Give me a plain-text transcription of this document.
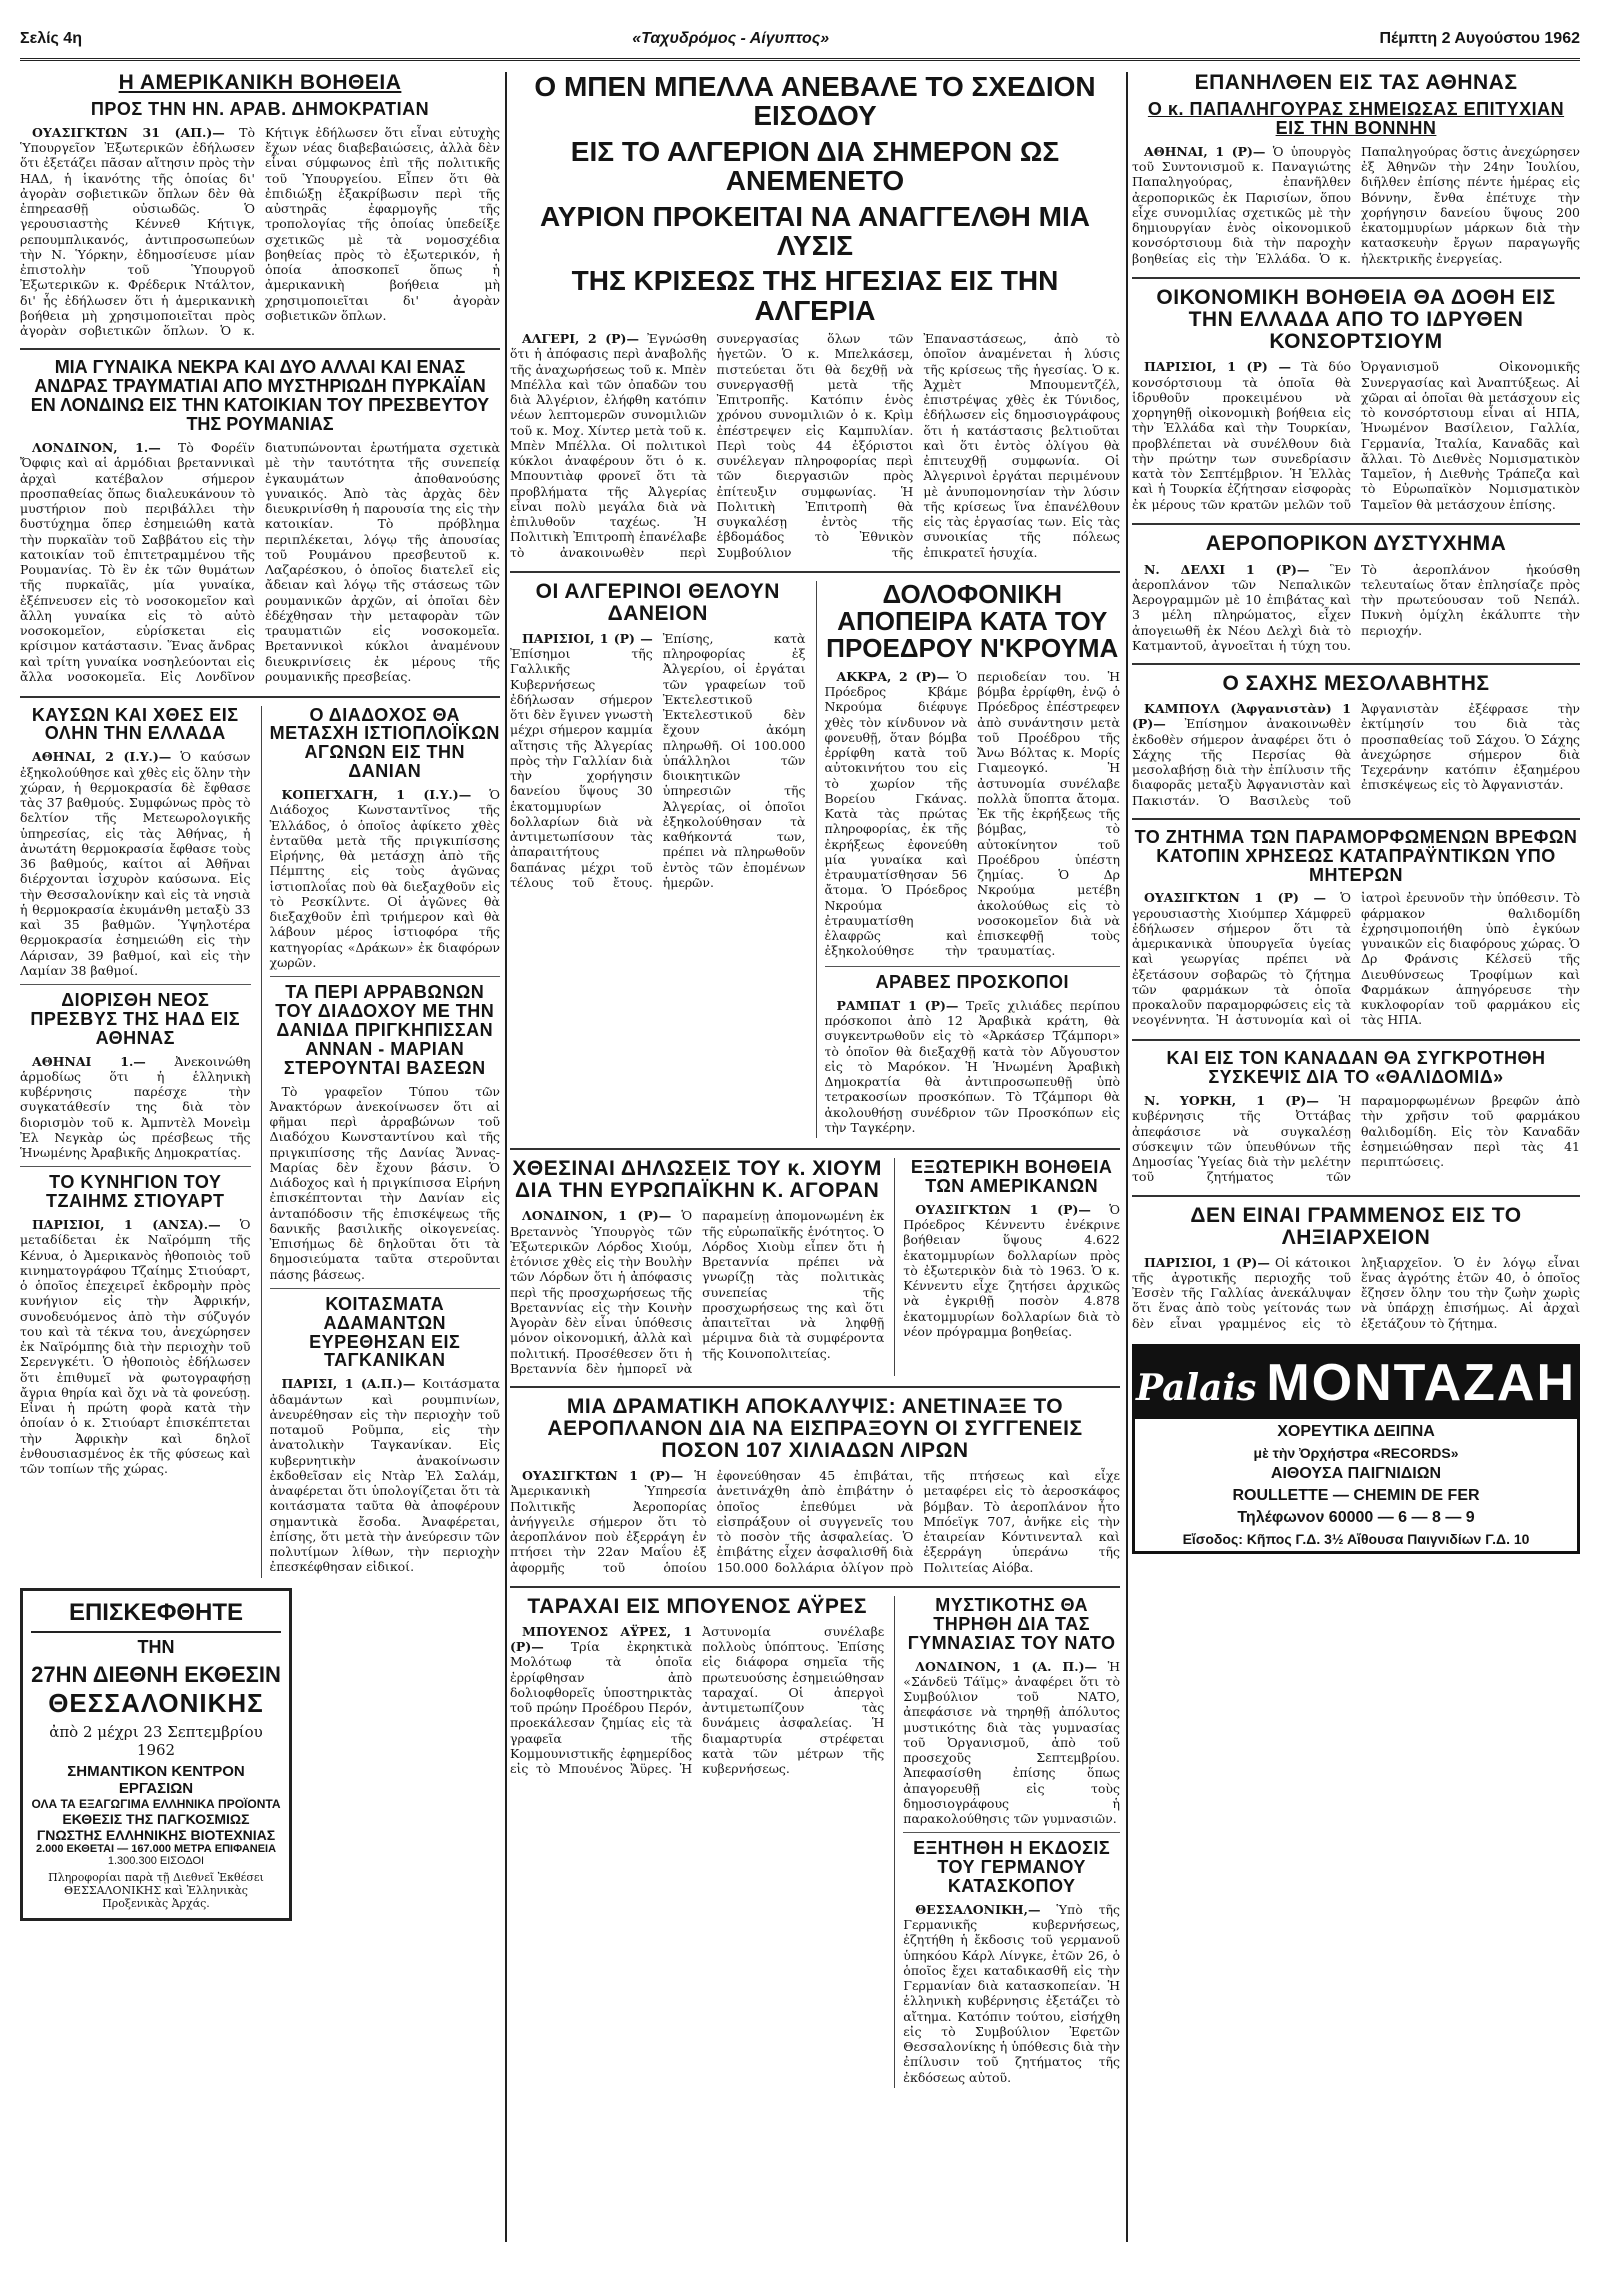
Σελίς 4η	«Ταχυδρόμος - Αίγυπτος»	Πέμπτη 2 Αυγούστου 1962
Η ΑΜΕΡΙΚΑΝΙΚΗ ΒΟΗΘΕΙΑ
ΠΡΟΣ ΤΗΝ ΗΝ. ΑΡΑΒ. ΔΗΜΟΚΡΑΤΙΑΝ

ΟΥΑΣΙΓΚΤΩΝ 31 (ΑΠ.)— Τὸ Ὑπουργεῖον Ἐξωτερικῶν ἐδήλωσεν ὅτι ἐξετάζει πᾶσαν αἴτησιν πρὸς τὴν ΗΑΔ, ἡ ἱκανότης τῆς ὁποίας δι' ἀγορὰν σοβιετικῶν ὅπλων δὲν θὰ ἐπηρεασθῇ οὐσιωδῶς. Ὁ γερουσιαστὴς Κέννεθ Κήτιγκ, ρεπουμπλικανός, ἀντιπροσωπεύων τὴν Ν. Ὑόρκην, ἐδημοσίευσε μίαν ἐπιστολὴν τοῦ Ὑπουργοῦ Ἐξωτερικῶν κ. Φρέδερικ Ντάλτον, δι' ἧς ἐδήλωσεν ὅτι ἡ ἀμερικανικὴ βοήθεια μὴ χρησιμοποιεῖται πρὸς ἀγορὰν σοβιετικῶν ὅπλων. Ὁ κ. Κήτιγκ ἐδήλωσεν ὅτι εἶναι εὐτυχὴς ἔχων νέας διαβεβαιώσεις, ἀλλὰ δὲν εἶναι σύμφωνος ἐπὶ τῆς πολιτικῆς τοῦ Ὑπουργείου. Εἶπεν ὅτι θὰ ἐπιδιώξῃ ἐξακρίβωσιν περὶ τῆς αὐστηρᾶς ἐφαρμογῆς τῆς τροπολογίας τῆς ὁποίας ὑπεδείξε σχετικῶς μὲ τὰ νομοσχέδια βοηθείας πρὸς τὸ ἐξωτερικόν, ἡ ὁποία ἀποσκοπεῖ ὅπως ἡ ἀμερικανικὴ βοήθεια μὴ χρησιμοποιεῖται δι' ἀγορὰν σοβιετικῶν ὅπλων.

ΜΙΑ ΓΥΝΑΙΚΑ ΝΕΚΡΑ ΚΑΙ ΔΥΟ ΑΛΛΑΙ ΚΑΙ ΕΝΑΣ ΑΝΔΡΑΣ ΤΡΑΥΜΑΤΙΑΙ ΑΠΟ ΜΥΣΤΗΡΙΩΔΗ ΠΥΡΚΑΪΑΝ ΕΝ ΛΟΝΔΙΝΩ ΕΙΣ ΤΗΝ ΚΑΤΟΙΚΙΑΝ ΤΟΥ ΠΡΕΣΒΕΥΤΟΥ ΤΗΣ ΡΟΥΜΑΝΙΑΣ

ΛΟΝΔΙΝΟΝ, 1.— Τὸ Φορέϊν Ὄφφις καὶ αἱ ἁρμόδιαι βρεταννικαὶ ἀρχαὶ κατέβαλον σήμερον προσπαθείας ὅπως διαλευκάνουν τὸ μυστήριον ποὺ περιβάλλει τὴν δυστύχημα ὅπερ ἐσημειώθη κατὰ τὴν πυρκαϊὰν τοῦ Σαββάτου εἰς τὴν κατοικίαν τοῦ ἐπιτετραμμένου τῆς Ρουμανίας. Τὸ ἓν ἐκ τῶν θυμάτων τῆς πυρκαϊᾶς, μία γυναίκα, ἐξέπνευσεν εἰς τὸ νοσοκομεῖον καὶ ἄλλη γυναίκα εἰς τὸ αὐτὸ νοσοκομεῖον, εὑρίσκεται εἰς κρίσιμον κατάστασιν. Ἕνας ἄνδρας καὶ τρίτη γυναίκα νοσηλεύονται εἰς ἄλλα νοσοκομεῖα. Εἰς Λονδῖνον διατυπώνονται ἐρωτήματα σχετικὰ μὲ τὴν ταυτότητα τῆς συνεπείᾳ ἐγκαυμάτων ἀποθανούσης γυναικός. Ἀπὸ τὰς ἀρχὰς δὲν διευκρινίσθη ἡ παρουσία της εἰς τὴν κατοικίαν. Τὸ πρόβλημα περιπλέκεται, λόγῳ τῆς ἀπουσίας τοῦ Ρουμάνου πρεσβευτοῦ κ. Λαζαρέσκου, ὁ ὁποῖος διατελεῖ εἰς ἄδειαν καὶ λόγῳ τῆς στάσεως τῶν ρουμανικῶν ἀρχῶν, αἱ ὁποῖαι δὲν ἐδέχθησαν τὴν μεταφορὰν τῶν τραυματιῶν εἰς νοσοκομεῖα. Βρεταννικοὶ κύκλοι ἀναμένουν διευκρινίσεις ἐκ μέρους τῆς ρουμανικῆς πρεσβείας.

ΚΑΥΣΩΝ ΚΑΙ ΧΘΕΣ ΕΙΣ ΟΛΗΝ ΤΗΝ ΕΛΛΑΔΑ

ΑΘΗΝΑΙ, 2 (Ι.Υ.)— Ὁ καύσων ἐξηκολούθησε καὶ χθὲς εἰς ὅλην τὴν χώραν, ἡ θερμοκρασία δὲ ἔφθασε τὰς 37 βαθμούς. Συμφώνως πρὸς τὸ δελτίον τῆς Μετεωρολογικῆς ὑπηρεσίας, εἰς τὰς Ἀθήνας, ἡ ἀνωτάτη θερμοκρασία ἔφθασε τοὺς 36 βαθμούς, καίτοι αἱ Ἀθῆναι διέρχονται ἰσχυρὸν καύσωνα. Εἰς τὴν Θεσσαλονίκην καὶ εἰς τὰ νησιὰ ἡ θερμοκρασία ἐκυμάνθη μεταξὺ 33 καὶ 35 βαθμῶν. Ὑψηλοτέρα θερμοκρασία ἐσημειώθη εἰς τὴν Λάρισαν, 39 βαθμοί, καὶ εἰς τὴν Λαμίαν 38 βαθμοί.

ΔΙΟΡΙΣΘΗ ΝΕΟΣ ΠΡΕΣΒΥΣ ΤΗΣ ΗΑΔ ΕΙΣ ΑΘΗΝΑΣ

ΑΘΗΝΑΙ 1.— Ἀνεκοινώθη ἁρμοδίως ὅτι ἡ ἑλληνικὴ κυβέρνησις παρέσχε τὴν συγκατάθεσίν της διὰ τὸν διορισμὸν τοῦ κ. Ἀμπντὲλ Μονεὶμ Ἐλ Νεγκὰρ ὡς πρέσβεως τῆς Ἡνωμένης Ἀραβικῆς Δημοκρατίας.

ΤΟ ΚΥΝΗΓΙΟΝ ΤΟΥ ΤΖΑΙΗΜΣ ΣΤΙΟΥΑΡΤ

ΠΑΡΙΣΙΟΙ, 1 (ΑΝΣΑ).— Ὁ μεταδίδεται ἐκ Ναϊρόμπη τῆς Κένυα, ὁ Ἀμερικανὸς ἠθοποιὸς τοῦ κινηματογράφου Τζαίημς Στιούαρτ, ὁ ὁποῖος ἐπεχειρεῖ ἐκδρομὴν πρὸς κυνήγιον εἰς τὴν Ἀφρικήν, συνοδευόμενος ἀπὸ τὴν σύζυγόν του καὶ τὰ τέκνα του, ἀνεχώρησεν ἐκ Ναϊρόμπης διὰ τὴν περιοχὴν τοῦ Σερενγκέτι. Ὁ ἠθοποιὸς ἐδήλωσεν ὅτι ἐπιθυμεῖ νὰ φωτογραφήσῃ ἄγρια θηρία καὶ ὄχι νὰ τὰ φονεύσῃ. Εἶναι ἡ πρώτη φορὰ κατὰ τὴν ὁποίαν ὁ κ. Στιούαρτ ἐπισκέπτεται τὴν Ἀφρικὴν καὶ δηλοῖ ἐνθουσιασμένος ἐκ τῆς φύσεως καὶ τῶν τοπίων τῆς χώρας.

Ο ΔΙΑΔΟΧΟΣ ΘΑ ΜΕΤΑΣΧΗ ΙΣΤΙΟΠΛΟΪΚΩΝ ΑΓΩΝΩΝ ΕΙΣ ΤΗΝ ΔΑΝΙΑΝ

ΚΟΠΕΓΧΑΓΗ, 1 (Ι.Υ.)— Ὁ Διάδοχος Κωνσταντῖνος τῆς Ἑλλάδος, ὁ ὁποῖος ἀφίκετο χθὲς ἐνταῦθα μετὰ τῆς πριγκιπίσσης Εἰρήνης, θὰ μετάσχῃ ἀπὸ τῆς Πέμπτης εἰς τοὺς ἀγῶνας ἱστιοπλοΐας ποὺ θὰ διεξαχθοῦν εἰς τὸ Ρεσκίλντε. Οἱ ἀγῶνες θὰ διεξαχθοῦν ἐπὶ τριήμερον καὶ θὰ λάβουν μέρος ἱστιοφόρα τῆς κατηγορίας «Δράκων» ἐκ διαφόρων χωρῶν.

ΤΑ ΠΕΡΙ ΑΡΡΑΒΩΝΩΝ ΤΟΥ ΔΙΑΔΟΧΟΥ ΜΕ ΤΗΝ ΔΑΝΙΔΑ ΠΡΙΓΚΗΠΙΣΣΑΝ ΑΝΝΑΝ - ΜΑΡΙΑΝ ΣΤΕΡΟΥΝΤΑΙ ΒΑΣΕΩΝ

Τὸ γραφεῖον Τύπου τῶν Ἀνακτόρων ἀνεκοίνωσεν ὅτι αἱ φῆμαι περὶ ἀρραβώνων τοῦ Διαδόχου Κωνσταντίνου καὶ τῆς πριγκιπίσσης τῆς Δανίας Ἄννας-Μαρίας δὲν ἔχουν βάσιν. Ὁ Διάδοχος καὶ ἡ πριγκίπισσα Εἰρήνη ἐπισκέπτονται τὴν Δανίαν εἰς ἀνταπόδοσιν τῆς ἐπισκέψεως τῆς δανικῆς βασιλικῆς οἰκογενείας. Ἐπισήμως δὲ δηλοῦται ὅτι τὰ δημοσιεύματα ταῦτα στεροῦνται πάσης βάσεως.

ΚΟΙΤΑΣΜΑΤΑ ΑΔΑΜΑΝΤΩΝ ΕΥΡΕΘΗΣΑΝ ΕΙΣ ΤΑΓΚΑΝΙΚΑΝ

ΠΑΡΙΣΙ, 1 (Α.Π.)— Κοιτάσματα ἀδαμάντων καὶ ρουμπινίων, ἀνευρέθησαν εἰς τὴν περιοχὴν τοῦ ποταμοῦ Ροῦμπα, εἰς τὴν ἀνατολικὴν Ταγκανίκαν. Εἰς κυβερνητικὴν ἀνακοίνωσιν ἐκδοθεῖσαν εἰς Ντὰρ Ἐλ Σαλάμ, ἀναφέρεται ὅτι ὑπολογίζεται ὅτι τὰ κοιτάσματα ταῦτα θὰ ἀποφέρουν σημαντικὰ ἔσοδα. Ἀναφέρεται, ἐπίσης, ὅτι μετὰ τὴν ἀνεύρεσιν τῶν πολυτίμων λίθων, τὴν περιοχὴν ἐπεσκέφθησαν εἰδικοί.

ΕΠΙΣΚΕΦΘΗΤΕ
ΤΗΝ
27ΗΝ ΔΙΕΘΝΗ ΕΚΘΕΣΙΝ
ΘΕΣΣΑΛΟΝΙΚΗΣ
ἀπὸ 2 μέχρι 23 Σεπτεμβρίου 1962
ΣΗΜΑΝΤΙΚΟΝ ΚΕΝΤΡΟΝ ΕΡΓΑΣΙΩΝ
ΟΛΑ ΤΑ ΕΞΑΓΩΓΙΜΑ ΕΛΛΗΝΙΚΑ ΠΡΟΪΟΝΤΑ
ΕΚΘΕΣΙΣ ΤΗΣ ΠΑΓΚΟΣΜΙΩΣ ΓΝΩΣΤΗΣ ΕΛΛΗΝΙΚΗΣ ΒΙΟΤΕΧΝΙΑΣ
2.000 ΕΚΘΕΤΑΙ — 167.000 ΜΕΤΡΑ ΕΠΙΦΑΝΕΙΑ
1.300.300 ΕΙΣΟΔΟΙ
Πληροφορίαι παρὰ τῇ Διεθνεῖ Ἐκθέσει ΘΕΣΣΑΛΟΝΙΚΗΣ καὶ Ἑλληνικὰς Προξενικὰς Ἀρχάς.
Ο ΜΠΕΝ ΜΠΕΛΛΑ ΑΝΕΒΑΛΕ ΤΟ ΣΧΕΔΙΟΝ ΕΙΣΟΔΟΥ
ΕΙΣ ΤΟ ΑΛΓΕΡΙΟΝ ΔΙΑ ΣΗΜΕΡΟΝ ΩΣ ΑΝΕΜΕΝΕΤΟ
ΑΥΡΙΟΝ ΠΡΟΚΕΙΤΑΙ ΝΑ ΑΝΑΓΓΕΛΘΗ ΜΙΑ ΛΥΣΙΣ
ΤΗΣ ΚΡΙΣΕΩΣ ΤΗΣ ΗΓΕΣΙΑΣ ΕΙΣ ΤΗΝ ΑΛΓΕΡΙΑ

ΑΛΓΕΡΙ, 2 (Ρ)— Ἐγνώσθη ὅτι ἡ ἀπόφασις περὶ ἀναβολῆς τῆς ἀναχωρήσεως τοῦ κ. Μπὲν Μπέλλα καὶ τῶν ὀπαδῶν του διὰ Ἀλγέριον, ἐλήφθη κατόπιν νέων λεπτομερῶν συνομιλιῶν τοῦ κ. Μοχ. Χίντερ μετὰ τοῦ κ. Μπὲν Μπέλλα. Οἱ πολιτικοὶ κύκλοι ἀναφέρουν ὅτι ὁ κ. Μπουντιὰφ φρονεῖ ὅτι τὰ προβλήματα τῆς Ἀλγερίας εἶναι πολὺ μεγάλα διὰ νὰ ἐπιλυθοῦν ταχέως. Ἡ Πολιτικὴ Ἐπιτροπὴ ἐπανέλαβε τὸ ἀνακοινωθὲν περὶ συνεργασίας ὅλων τῶν ἡγετῶν. Ὁ κ. Μπελκάσεμ, πιστεύεται ὅτι θὰ δεχθῇ νὰ συνεργασθῇ μετὰ τῆς Ἐπιτροπῆς. Κατόπιν ἑνὸς χρόνου συνομιλιῶν ὁ κ. Κρὶμ ἐπέστρεψεν εἰς Καμπυλίαν. Περὶ τοὺς 44 ἐξόριστοι συνέλεγαν πληροφορίας περὶ τῶν διεργασιῶν πρὸς ἐπίτευξιν συμφωνίας. Ἡ Πολιτικὴ Ἐπιτροπὴ θὰ συγκαλέσῃ ἐντὸς τῆς ἑβδομάδος τὸ Ἐθνικὸν Συμβούλιον τῆς Ἐπαναστάσεως, ἀπὸ τὸ ὁποῖον ἀναμένεται ἡ λύσις τῆς κρίσεως τῆς ἡγεσίας. Ὁ κ. Ἀχμὲτ Μπουμεντζέλ, ἐπιστρέψας χθὲς ἐκ Τύνιδος, ἐδήλωσεν εἰς δημοσιογράφους ὅτι ἡ κατάστασις βελτιοῦται καὶ ὅτι ἐντὸς ὀλίγου θὰ ἐπιτευχθῇ συμφωνία. Οἱ Ἀλγερινοὶ ἐργάται περιμένουν μὲ ἀνυπομονησίαν τὴν λύσιν τῆς κρίσεως ἵνα ἐπανέλθουν εἰς τὰς ἐργασίας των. Εἰς τὰς συνοικίας τῆς πόλεως ἐπικρατεῖ ἡσυχία.

ΟΙ ΑΛΓΕΡΙΝΟΙ ΘΕΛΟΥΝ ΔΑΝΕΙΟΝ

ΠΑΡΙΣΙΟΙ, 1 (Ρ) — Ἐπίσημοι τῆς Γαλλικῆς Κυβερνήσεως ἐδήλωσαν σήμερον ὅτι δὲν ἔγινεν γνωστὴ μέχρι σήμερον καμμία αἴτησις τῆς Ἀλγερίας πρὸς τὴν Γαλλίαν διὰ τὴν χορήγησιν δανείου ὕψους 30 ἑκατομμυρίων δολλαρίων διὰ νὰ ἀντιμετωπίσουν τὰς ἀπαραιτήτους δαπάνας μέχρι τοῦ τέλους τοῦ ἔτους. Ἐπίσης, κατὰ πληροφορίας ἐξ Ἀλγερίου, οἱ ἐργάται τῶν γραφείων τοῦ Ἐκτελεστικοῦ Ἐκτελεστικοῦ δὲν ἔχουν ἀκόμη πληρωθῆ. Οἱ 100.000 ὑπάλληλοι τῶν διοικητικῶν ὑπηρεσιῶν τῆς Ἀλγερίας, οἱ ὁποῖοι ἐξηκολούθησαν τὰ καθήκοντά των, πρέπει νὰ πληρωθοῦν ἐντὸς τῶν ἐπομένων ἡμερῶν.

ΔΟΛΟΦΟΝΙΚΗ ΑΠΟΠΕΙΡΑ ΚΑΤΑ ΤΟΥ ΠΡΟΕΔΡΟΥ Ν'ΚΡΟΥΜΑ

ΑΚΚΡΑ, 2 (Ρ)— Ὁ Πρόεδρος Κβάμε Νκρούμα διέφυγε χθὲς τὸν κίνδυνον νὰ φονευθῇ, ὅταν βόμβα ἐρρίφθη κατὰ τοῦ αὐτοκινήτου του εἰς τὸ χωρίον τῆς Βορείου Γκάνας. Κατὰ τὰς πρώτας πληροφορίας, ἐκ τῆς ἐκρήξεως ἐφονεύθη μία γυναίκα καὶ ἐτραυματίσθησαν 56 ἄτομα. Ὁ Πρόεδρος Νκρούμα ἐτραυματίσθη ἐλαφρῶς καὶ ἐξηκολούθησε τὴν περιοδείαν του. Ἡ βόμβα ἐρρίφθη, ἐνῷ ὁ Πρόεδρος ἐπέστρεφεν ἀπὸ συνάντησιν μετὰ τοῦ Προέδρου τῆς Ἄνω Βόλτας κ. Μορίς Γιαμεογκό. Ἡ ἀστυνομία συνέλαβε πολλὰ ὕποπτα ἄτομα. Ἐκ τῆς ἐκρήξεως τῆς βόμβας, τὸ αὐτοκίνητον τοῦ Προέδρου ὑπέστη ζημίας. Ὁ Δρ Νκρούμα μετέβη ἀκολούθως εἰς τὸ νοσοκομεῖον διὰ νὰ ἐπισκεφθῇ τοὺς τραυματίας.

ΑΡΑΒΕΣ ΠΡΟΣΚΟΠΟΙ

ΡΑΜΠΑΤ 1 (Ρ)— Τρεῖς χιλιάδες περίπου πρόσκοποι ἀπὸ 12 Ἀραβικὰ κράτη, θὰ συγκεντρωθοῦν εἰς τὸ «Ἀρκάσερ Τζάμπορι» τὸ ὁποῖον θὰ διεξαχθῇ κατὰ τὸν Αὔγουστον εἰς τὸ Μαρόκον. Ἡ Ἡνωμένη Ἀραβικὴ Δημοκρατία θὰ ἀντιπροσωπευθῇ ὑπὸ τετρακοσίων προσκόπων. Τὸ Τζάμπορι θὰ ἀκολουθήσῃ συνέδριον τῶν Προσκόπων εἰς τὴν Ταγκέρην.

ΧΘΕΣΙΝΑΙ ΔΗΛΩΣΕΙΣ ΤΟΥ κ. ΧΙΟΥΜ ΔΙΑ ΤΗΝ ΕΥΡΩΠΑΪΚΗΝ Κ. ΑΓΟΡΑΝ

ΛΟΝΔΙΝΟΝ, 1 (Ρ)— Ὁ Βρεταννὸς Ὑπουργὸς τῶν Ἐξωτερικῶν Λόρδος Χιούμ, ἐτόνισε χθὲς εἰς τὴν Βουλὴν τῶν Λόρδων ὅτι ἡ ἀπόφασις περὶ τῆς προσχωρήσεως τῆς Βρεταννίας εἰς τὴν Κοινὴν Ἀγορὰν δὲν εἶναι ὑπόθεσις μόνον οἰκονομική, ἀλλὰ καὶ πολιτική. Προσέθεσεν ὅτι ἡ Βρεταννία δὲν ἠμπορεῖ νὰ παραμείνῃ ἀπομονωμένη ἐκ τῆς εὐρωπαϊκῆς ἑνότητος. Ὁ Λόρδος Χιοὺμ εἶπεν ὅτι ἡ Βρεταννία πρέπει νὰ γνωρίζῃ τὰς πολιτικὰς συνεπείας τῆς προσχωρήσεως της καὶ ὅτι ἀπαιτεῖται νὰ ληφθῇ μέριμνα διὰ τὰ συμφέροντα τῆς Κοινοπολιτείας.

ΕΞΩΤΕΡΙΚΗ ΒΟΗΘΕΙΑ ΤΩΝ ΑΜΕΡΙΚΑΝΩΝ

ΟΥΑΣΙΓΚΤΩΝ 1 (Ρ)— Ὁ Πρόεδρος Κέννεντυ ἐνέκρινε βοήθειαν ὕψους 4.622 ἑκατομμυρίων δολλαρίων πρὸς τὸ ἐξωτερικὸν διὰ τὸ 1963. Ὁ κ. Κέννεντυ εἶχε ζητήσει ἀρχικῶς νὰ ἐγκριθῇ ποσὸν 4.878 ἑκατομμυρίων δολλαρίων διὰ τὸ νέον πρόγραμμα βοηθείας.

ΜΙΑ ΔΡΑΜΑΤΙΚΗ ΑΠΟΚΑΛΥΨΙΣ: ΑΝΕΤΙΝΑΞΕ ΤΟ ΑΕΡΟΠΛΑΝΟΝ ΔΙΑ ΝΑ ΕΙΣΠΡΑΞΟΥΝ ΟΙ ΣΥΓΓΕΝΕΙΣ ΠΟΣΟΝ 107 ΧΙΛΙΑΔΩΝ ΛΙΡΩΝ

ΟΥΑΣΙΓΚΤΩΝ 1 (Ρ)— Ἡ Ἀμερικανικὴ Ὑπηρεσία Πολιτικῆς Ἀεροπορίας ἀνήγγειλε σήμερον ὅτι τὸ ἀεροπλάνον ποὺ ἐξερράγη ἐν πτήσει τὴν 22αν Μαΐου ἐξ ἀφορμῆς τοῦ ὁποίου ἐφονεύθησαν 45 ἐπιβάται, ἀνετινάχθη ἀπὸ ἐπιβάτην ὁ ὁποῖος ἐπεθύμει νὰ εἰσπράξουν οἱ συγγενεῖς του τὸ ποσὸν τῆς ἀσφαλείας. Ὁ ἐπιβάτης εἶχεν ἀσφαλισθῆ διὰ 150.000 δολλάρια ὀλίγον πρὸ τῆς πτήσεως καὶ εἶχε μεταφέρει εἰς τὸ ἀεροσκάφος βόμβαν. Τὸ ἀεροπλάνον ἦτο Μπόεϊγκ 707, ἀνῆκε εἰς τὴν ἑταιρείαν Κόντινενταλ καὶ ἐξερράγη ὑπεράνω τῆς Πολιτείας Αἰόβα.

ΤΑΡΑΧΑΙ ΕΙΣ ΜΠΟΥΕΝΟΣ ΑΫΡΕΣ

ΜΠΟΥΕΝΟΣ ΑΫΡΕΣ, 1 (Ρ)— Τρία ἐκρηκτικὰ Μολότωφ τὰ ὁποῖα ἐρρίφθησαν ἀπὸ δολιοφθορεῖς ὑποστηρικτὰς τοῦ πρώην Προέδρου Περόν, προεκάλεσαν ζημίας εἰς τὰ γραφεῖα τῆς Κομμουνιστικῆς ἐφημερίδος εἰς τὸ Μπουένος Ἄϋρες. Ἡ Ἀστυνομία συνέλαβε πολλοὺς ὑπόπτους. Ἐπίσης εἰς διάφορα σημεῖα τῆς πρωτευούσης ἐσημειώθησαν ταραχαί. Οἱ ἀπεργοὶ ἀντιμετωπίζουν τὰς δυνάμεις ἀσφαλείας. Ἡ διαμαρτυρία στρέφεται κατὰ τῶν μέτρων τῆς κυβερνήσεως.

ΜΥΣΤΙΚΟΤΗΣ ΘΑ ΤΗΡΗΘΗ ΔΙΑ ΤΑΣ ΓΥΜΝΑΣΙΑΣ ΤΟΥ ΝΑΤΟ

ΛΟΝΔΙΝΟΝ, 1 (Α. Π.)— Ἡ «Σάνδεϋ Τάϊμς» ἀναφέρει ὅτι τὸ Συμβούλιον τοῦ ΝΑΤΟ, ἀπεφάσισε νὰ τηρηθῇ ἀπόλυτος μυστικότης διὰ τὰς γυμνασίας τοῦ Ὀργανισμοῦ, ἀπὸ τοῦ προσεχοῦς Σεπτεμβρίου. Ἀπεφασίσθη ἐπίσης ὅπως ἀπαγορευθῇ εἰς τοὺς δημοσιογράφους ἡ παρακολούθησις τῶν γυμνασιῶν.

ΕΞΗΤΗΘΗ Η ΕΚΔΟΣΙΣ ΤΟΥ ΓΕΡΜΑΝΟΥ ΚΑΤΑΣΚΟΠΟΥ

ΘΕΣΣΑΛΟΝΙΚΗ,— Ὑπὸ τῆς Γερμανικῆς κυβερνήσεως, ἐζητήθη ἡ ἔκδοσις τοῦ γερμανοῦ ὑπηκόου Κάρλ Λίνγκε, ἐτῶν 26, ὁ ὁποῖος ἔχει καταδικασθῆ εἰς τὴν Γερμανίαν διὰ κατασκοπείαν. Ἡ ἑλληνικὴ κυβέρνησις ἐξετάζει τὸ αἴτημα. Κατόπιν τούτου, εἰσήχθη εἰς τὸ Συμβούλιον Ἐφετῶν Θεσσαλονίκης ἡ ὑπόθεσις διὰ τὴν ἐπίλυσιν τοῦ ζητήματος τῆς ἐκδόσεως αὐτοῦ.

ΕΠΑΝΗΛΘΕΝ ΕΙΣ ΤΑΣ ΑΘΗΝΑΣ
Ο κ. ΠΑΠΑΛΗΓΟΥΡΑΣ ΣΗΜΕΙΩΣΑΣ ΕΠΙΤΥΧΙΑΝ ΕΙΣ ΤΗΝ ΒΟΝΝΗΝ

ΑΘΗΝΑΙ, 1 (Ρ)— Ὁ ὑπουργὸς τοῦ Συντονισμοῦ κ. Παναγιώτης Παπαληγούρας, ἐπανῆλθεν ἀεροπορικῶς ἐκ Παρισίων, ὅπου εἶχε συνομιλίας σχετικῶς μὲ τὴν δημιουργίαν ἑνὸς οἰκονομικοῦ κονσόρτσιουμ διὰ τὴν παροχὴν βοηθείας εἰς τὴν Ἑλλάδα. Ὁ κ. Παπαληγούρας ὅστις ἀνεχώρησεν ἐξ Ἀθηνῶν τὴν 24ην Ἰουλίου, διῆλθεν ἐπίσης πέντε ἡμέρας εἰς Βόννην, ἔνθα ἐπέτυχε τὴν χορήγησιν δανείου ὕψους 200 ἑκατομμυρίων μάρκων διὰ τὴν κατασκευὴν ἔργων παραγωγῆς ἠλεκτρικῆς ἐνεργείας.

ΟΙΚΟΝΟΜΙΚΗ ΒΟΗΘΕΙΑ ΘΑ ΔΟΘΗ ΕΙΣ ΤΗΝ ΕΛΛΑΔΑ ΑΠΟ ΤΟ ΙΔΡΥΘΕΝ ΚΟΝΣΟΡΤΣΙΟΥΜ

ΠΑΡΙΣΙΟΙ, 1 (Ρ) — Τὰ δύο κονσόρτσιουμ τὰ ὁποῖα θὰ ἱδρυθοῦν προκειμένου νὰ χορηγηθῇ οἰκονομικὴ βοήθεια εἰς τὴν Ἑλλάδα καὶ τὴν Τουρκίαν, προβλέπεται νὰ συνέλθουν διὰ τὴν πρώτην των συνεδρίασιν κατὰ τὸν Σεπτέμβριον. Ἡ Ἑλλὰς καὶ ἡ Τουρκία ἐζήτησαν εἰσφορὰς ἐκ μέρους τῶν κρατῶν μελῶν τοῦ Ὀργανισμοῦ Οἰκονομικῆς Συνεργασίας καὶ Ἀναπτύξεως. Αἱ χῶραι αἱ ὁποῖαι θὰ μετάσχουν εἰς τὸ κονσόρτσιουμ εἶναι αἱ ΗΠΑ, Ἡνωμένον Βασίλειον, Γαλλία, Γερμανία, Ἰταλία, Καναδᾶς καὶ ἄλλαι. Τὸ Διεθνὲς Νομισματικὸν Ταμεῖον, ἡ Διεθνὴς Τράπεζα καὶ τὸ Εὐρωπαϊκὸν Νομισματικὸν Ταμεῖον θὰ μετάσχουν ἐπίσης.

ΑΕΡΟΠΟΡΙΚΟΝ ΔΥΣΤΥΧΗΜΑ

Ν. ΔΕΛΧΙ 1 (Ρ)— Ἓν ἀεροπλάνον τῶν Νεπαλικῶν Ἀερογραμμῶν μὲ 10 ἐπιβάτας καὶ 3 μέλη πληρώματος, εἶχεν ἀπογειωθῆ ἐκ Νέου Δελχὶ διὰ τὸ Κατμαντοῦ, ἀγνοεῖται ἡ τύχη του. Τὸ ἀεροπλάνον ἠκούσθη τελευταίως ὅταν ἐπλησίαζε πρὸς τὴν πρωτεύουσαν τοῦ Νεπάλ. Πυκνὴ ὁμίχλη ἐκάλυπτε τὴν περιοχήν.

Ο ΣΑΧΗΣ ΜΕΣΟΛΑΒΗΤΗΣ

ΚΑΜΠΟΥΛ (Ἀφγανιστὰν) 1 (Ρ)— Ἐπίσημον ἀνακοινωθὲν ἐκδοθὲν σήμερον ἀναφέρει ὅτι ὁ Σάχης τῆς Περσίας θὰ μεσολαβήσῃ διὰ τὴν ἐπίλυσιν τῆς διαφορᾶς μεταξὺ Ἀφγανιστὰν καὶ Πακιστάν. Ὁ Βασιλεὺς τοῦ Ἀφγανιστὰν ἐξέφρασε τὴν ἐκτίμησίν του διὰ τὰς προσπαθείας τοῦ Σάχου. Ὁ Σάχης ἀνεχώρησε σήμερον διὰ Τεχεράνην κατόπιν ἐξαημέρου ἐπισκέψεως εἰς τὸ Ἀφγανιστάν.

ΤΟ ΖΗΤΗΜΑ ΤΩΝ ΠΑΡΑΜΟΡΦΩΜΕΝΩΝ ΒΡΕΦΩΝ ΚΑΤΟΠΙΝ ΧΡΗΣΕΩΣ ΚΑΤΑΠΡΑΫΝΤΙΚΩΝ ΥΠΟ ΜΗΤΕΡΩΝ

ΟΥΑΣΙΓΚΤΩΝ 1 (Ρ) — Ὁ γερουσιαστὴς Χιούμπερ Χάμφρεϋ ἐδήλωσεν σήμερον ὅτι τὰ ἀμερικανικὰ ὑπουργεῖα ὑγείας καὶ γεωργίας πρέπει νὰ ἐξετάσουν σοβαρῶς τὸ ζήτημα τῶν φαρμάκων τὰ ὁποῖα προκαλοῦν παραμορφώσεις εἰς τὰ νεογέννητα. Ἡ ἀστυνομία καὶ οἱ ἰατροὶ ἐρευνοῦν τὴν ὑπόθεσιν. Τὸ φάρμακον θαλιδομίδη ἐχρησιμοποιήθη ὑπὸ ἐγκύων γυναικῶν εἰς διαφόρους χώρας. Ὁ Δρ Φράνσις Κέλσεϋ τῆς Διευθύνσεως Τροφίμων καὶ Φαρμάκων ἀπηγόρευσε τὴν κυκλοφορίαν τοῦ φαρμάκου εἰς τὰς ΗΠΑ.

ΚΑΙ ΕΙΣ ΤΟΝ ΚΑΝΑΔΑΝ ΘΑ ΣΥΓΚΡΟΤΗΘΗ ΣΥΣΚΕΨΙΣ ΔΙΑ ΤΟ «ΘΑΛΙΔΟΜΙΔ»

Ν. ΥΟΡΚΗ, 1 (Ρ)— Ἡ κυβέρνησις τῆς Ὀττάβας ἀπεφάσισε νὰ συγκαλέσῃ σύσκεψιν τῶν ὑπευθύνων τῆς Δημοσίας Ὑγείας διὰ τὴν μελέτην τοῦ ζητήματος τῶν παραμορφωμένων βρεφῶν ἀπὸ τὴν χρῆσιν τοῦ φαρμάκου θαλιδομίδη. Εἰς τὸν Καναδᾶν ἐσημειώθησαν περὶ τὰς 41 περιπτώσεις.

ΔΕΝ ΕΙΝΑΙ ΓΡΑΜΜΕΝΟΣ ΕΙΣ ΤΟ ΛΗΞΙΑΡΧΕΙΟΝ

ΠΑΡΙΣΙΟΙ, 1 (Ρ)— Οἱ κάτοικοι τῆς ἀγροτικῆς περιοχῆς τοῦ Ἐσσὲν τῆς Γαλλίας ἀνεκάλυψαν ὅτι ἕνας ἀπὸ τοὺς γείτονάς των δὲν εἶναι γραμμένος εἰς τὸ ληξιαρχεῖον. Ὁ ἐν λόγῳ εἶναι ἕνας ἀγρότης ἐτῶν 40, ὁ ὁποῖος ἔζησεν ὅλην του τὴν ζωὴν χωρὶς νὰ ὑπάρχῃ ἐπισήμως. Αἱ ἀρχαὶ ἐξετάζουν τὸ ζήτημα.

Palais MONTAZAH
ΧΟΡΕΥΤΙΚΑ ΔΕΙΠΝΑ
μὲ τὴν Ὀρχήστρα «RECORDS»
ΑΙΘΟΥΣΑ ΠΑΙΓΝΙΔΙΩΝ
ROULLETTE — CHEMIN DE FER
Τηλέφωνον 60000 — 6 — 8 — 9
Εἴσοδος: Κῆπος Γ.Δ. 3½ Αἴθουσα Παιγνιδίων Γ.Δ. 10
